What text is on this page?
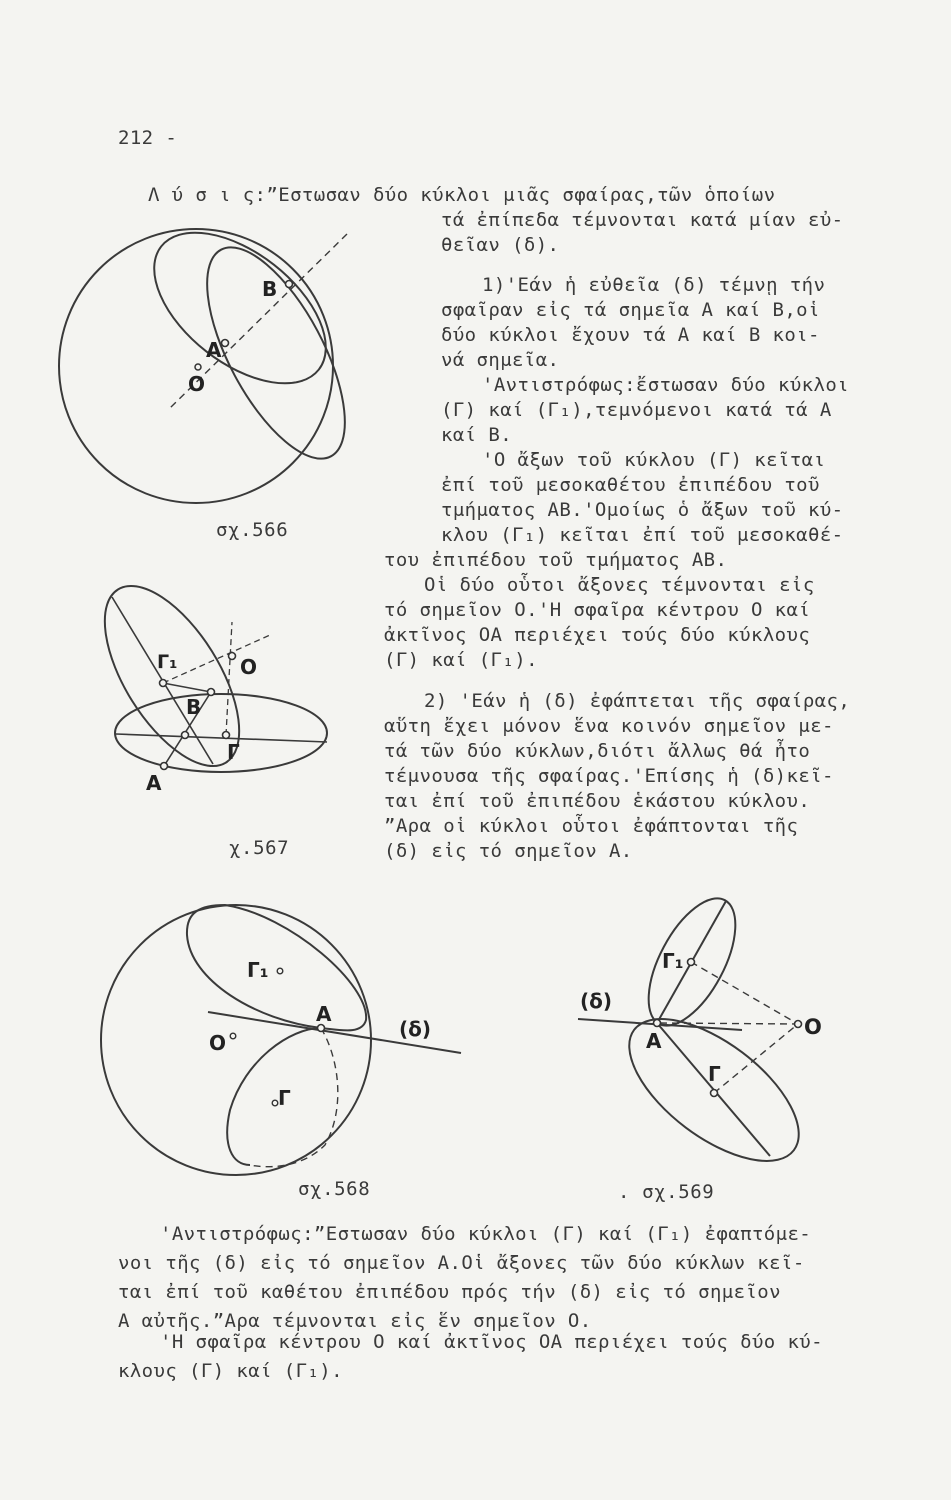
212 -
Λ ύ σ ι ς:”Εστωσαν δύο κύκλοι μιᾶς σφαίρας,τῶν ὁποίων
τά ἐπίπεδα τέμνονται κατά μίαν εὐ-
θεῖαν (δ).
1)'Εάν ἡ εὐθεῖα (δ) τέμνῃ τήν
σφαῖραν εἰς τά σημεῖα Α καί Β,οἱ
δύο κύκλοι ἔχουν τά Α καί Β κοι-
νά σημεῖα.
'Αντιστρόφως:ἔστωσαν δύο κύκλοι
(Γ) καί (Γ₁),τεμνόμενοι κατά τά Α
καί Β.
'Ο ἄξων τοῦ κύκλου (Γ) κεῖται
ἐπί τοῦ μεσοκαθέτου ἐπιπέδου τοῦ
τμήματος ΑΒ.'Ομοίως ὁ ἄξων τοῦ κύ-
κλου (Γ₁) κεῖται ἐπί τοῦ μεσοκαθέ-
του ἐπιπέδου τοῦ τμήματος ΑΒ.
Οἱ δύο οὗτοι ἄξονες τέμνονται εἰς
τό σημεῖον Ο.'Η σφαῖρα κέντρου Ο καί
ἀκτῖνος ΟΑ περιέχει τούς δύο κύκλους
(Γ) καί (Γ₁).
2) 'Εάν ἡ (δ) ἐφάπτεται τῆς σφαίρας,
αὕτη ἔχει μόνον ἕνα κοινόν σημεῖον με-
τά τῶν δύο κύκλων,διότι ἄλλως θά ἦτο
τέμνουσα τῆς σφαίρας.'Επίσης ἡ (δ)κεῖ-
ται ἐπί τοῦ ἐπιπέδου ἑκάστου κύκλου.
”Αρα οἱ κύκλοι οὗτοι ἐφάπτονται τῆς
(δ) εἰς τό σημεῖον Α.
'Αντιστρόφως:”Εστωσαν δύο κύκλοι (Γ) καί (Γ₁) ἐφαπτόμε-
νοι τῆς (δ) εἰς τό σημεῖον Α.Οἱ ἄξονες τῶν δύο κύκλων κεῖ-
ται ἐπί τοῦ καθέτου ἐπιπέδου πρός τήν (δ) εἰς τό σημεῖον
Α αὐτῆς.”Αρα τέμνονται εἰς ἕν σημεῖον Ο.
'Η σφαῖρα κέντρου Ο καί ἀκτῖνος ΟΑ περιέχει τούς δύο κύ-
κλους (Γ) καί (Γ₁).
σχ.566
χ.567
σχ.568	. σχ.569
B
A
O
Γ₁	O
B
Γ
A
Γ₁
A
(δ)
O
Γ
Γ₁
(δ)
A
O
Γ
